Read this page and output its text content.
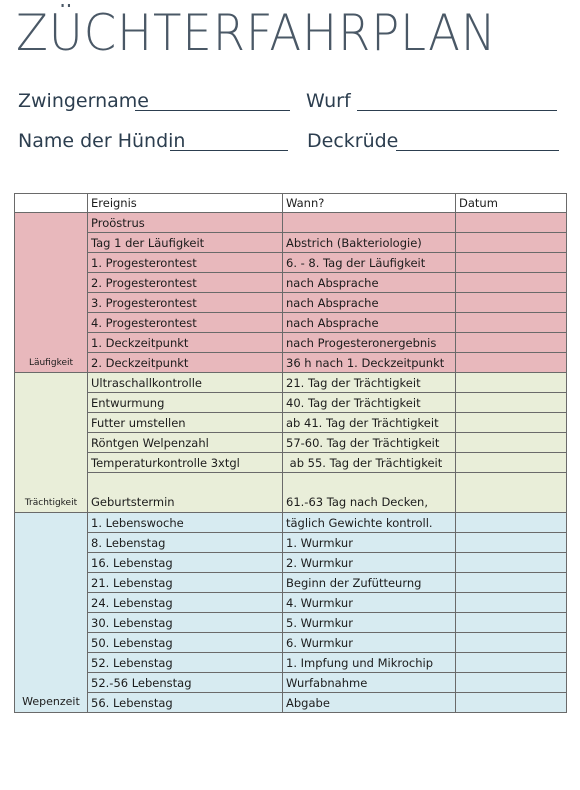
ZÜCHTERFAHRPLAN
Zwingername	Wurf
Name der Hündin	Deckrüde
	Ereignis	Wann?	Datum
Läufigkeit	Proöstrus		
	Tag 1 der Läufigkeit	Abstrich (Bakteriologie)	
	1. Progesterontest	6. - 8. Tag der Läufigkeit	
	2. Progesterontest	nach Absprache	
	3. Progesterontest	nach Absprache	
	4. Progesterontest	nach Absprache	
	1. Deckzeitpunkt	nach Progesteronergebnis	
	2. Deckzeitpunkt	36 h nach 1. Deckzeitpunkt	
Trächtigkeit	Ultraschallkontrolle	21. Tag der Trächtigkeit	
	Entwurmung	40. Tag der Trächtigkeit	
	Futter umstellen	ab 41. Tag der Trächtigkeit	
	Röntgen Welpenzahl	57-60. Tag der Trächtigkeit	
	Temperaturkontrolle 3xtgl	ab 55. Tag der Trächtigkeit	
	Geburtstermin	61.-63 Tag nach Decken,	
Wepenzeit	1. Lebenswoche	täglich Gewichte kontroll.	
	8. Lebenstag	1. Wurmkur	
	16. Lebenstag	2. Wurmkur	
	21. Lebenstag	Beginn der Zufütteurng	
	24. Lebenstag	4. Wurmkur	
	30. Lebenstag	5. Wurmkur	
	50. Lebenstag	6. Wurmkur	
	52. Lebenstag	1. Impfung und Mikrochip	
	52.-56 Lebenstag	Wurfabnahme	
	56. Lebenstag	Abgabe	
